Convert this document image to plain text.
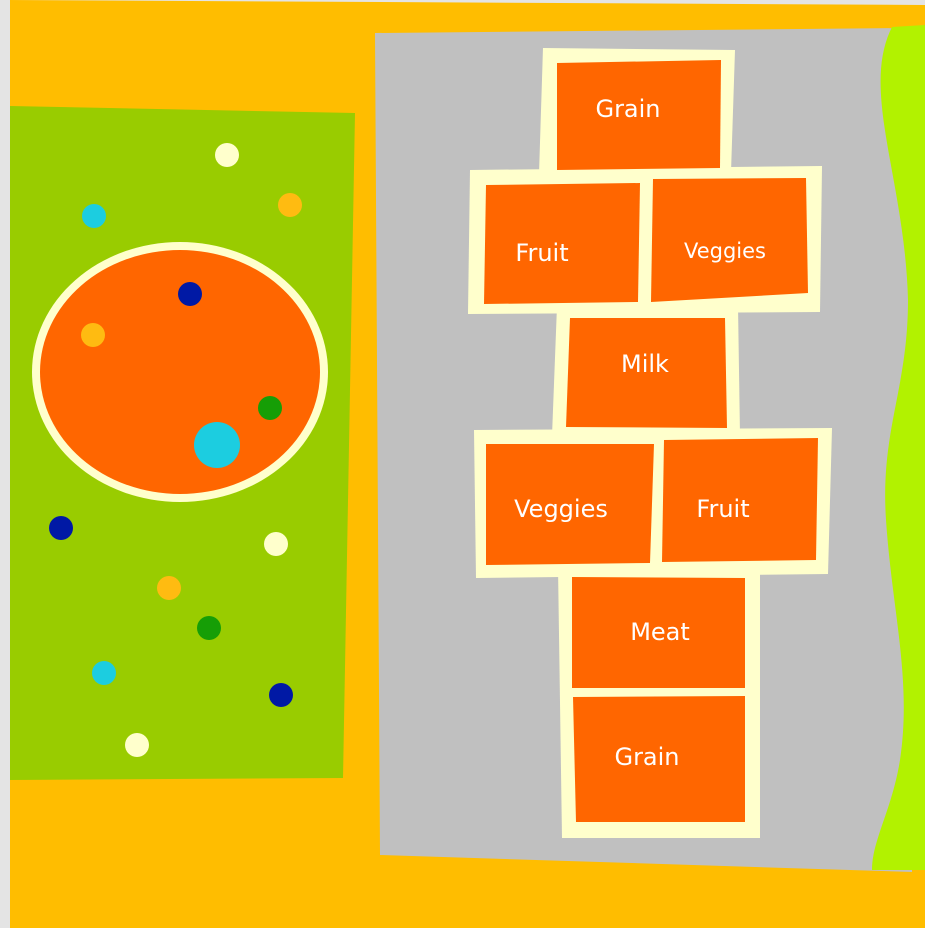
Grain
Fruit	Veggies
Milk
Veggies	Fruit
Meat
Grain
